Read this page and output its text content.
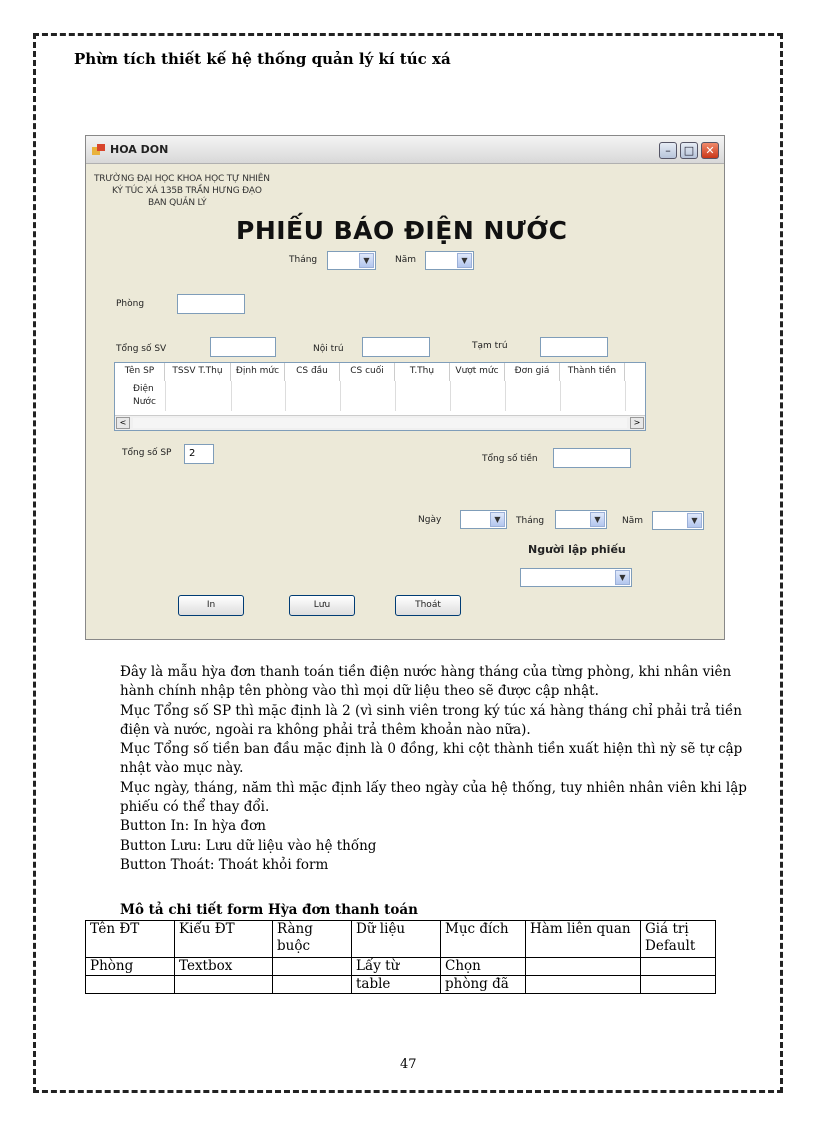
Phừn tích thiết kế hệ thống quản lý kí túc xá
HOA DON	–	□	✕
TRƯỜNG ĐẠI HỌC KHOA HỌC TỰ NHIÊN
KÝ TÚC XÁ 135B TRẦN HƯNG ĐẠO
BAN QUẢN LÝ
PHIẾU BÁO ĐIỆN NƯỚC
Tháng	▼	Năm	▼
Phòng
Tổng số SV	Nội trú	Tạm trú
Tên SP	TSSV T.Thụ	Định mức	CS đầu	CS cuối	T.Thụ	Vượt mức	Đơn giá	Thành tiền
Điện
Nước
<	>
Tổng số SP	2	Tổng số tiền
Ngày	▼	Tháng	▼	Năm	▼
Người lập phiếu
▼
In	Lưu	Thoát

Đây là mẫu hỳa đơn thanh toán tiền điện nước hàng tháng của từng phòng, khi nhân viên hành chính nhập tên phòng vào thì mọi dữ liệu theo sẽ được cập nhật.

Mục Tổng số SP thì mặc định là 2 (vì sinh viên trong ký túc xá hàng tháng chỉ phải trả tiền điện và nước, ngoài ra không phải trả thêm khoản nào nữa).

Mục Tổng số tiền ban đầu mặc định là 0 đồng, khi cột thành tiền xuất hiện thì nỳ sẽ tự cập nhật vào mục này.

Mục ngày, tháng, năm thì mặc định lấy theo ngày của hệ thống, tuy nhiên nhân viên khi lập phiếu có thể thay đổi.

Button In: In hỳa đơn

Button Lưu: Lưu dữ liệu vào hệ thống

Button Thoát: Thoát khỏi form

Mô tả chi tiết form Hỳa đơn thanh toán
Tên ĐT	Kiểu ĐT	Ràng buộc	Dữ liệu	Mục đích	Hàm liên quan	Giá trị Default
Phòng	Textbox		Lấy từ	Chọn		
			table	phòng đã		
47
